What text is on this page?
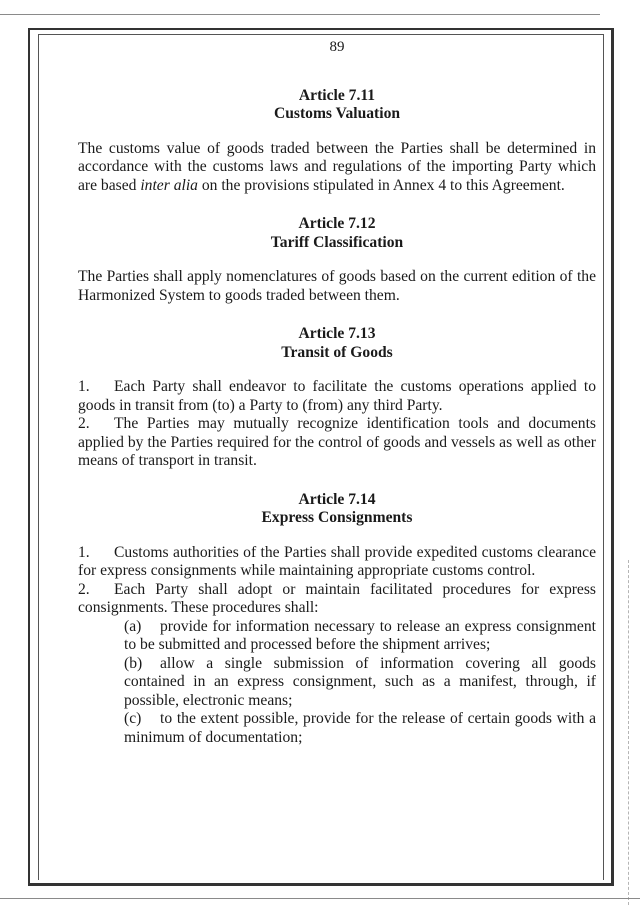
89
Article 7.11
Customs Valuation

The customs value of goods traded between the Parties shall be determined in accordance with the customs laws and regulations of the importing Party which are based inter alia on the provisions stipulated in Annex 4 to this Agreement.

Article 7.12
Tariff Classification

The Parties shall apply nomenclatures of goods based on the current edition of the Harmonized System to goods traded between them.

Article 7.13
Transit of Goods

1. Each Party shall endeavor to facilitate the customs operations applied to goods in transit from (to) a Party to (from) any third Party.

2. The Parties may mutually recognize identification tools and documents applied by the Parties required for the control of goods and vessels as well as other means of transport in transit.

Article 7.14
Express Consignments

1. Customs authorities of the Parties shall provide expedited customs clearance for express consignments while maintaining appropriate customs control.

2. Each Party shall adopt or maintain facilitated procedures for express consignments. These procedures shall:

(a) provide for information necessary to release an express consignment to be submitted and processed before the shipment arrives;

(b) allow a single submission of information covering all goods contained in an express consignment, such as a manifest, through, if possible, electronic means;

(c) to the extent possible, provide for the release of certain goods with a minimum of documentation;
